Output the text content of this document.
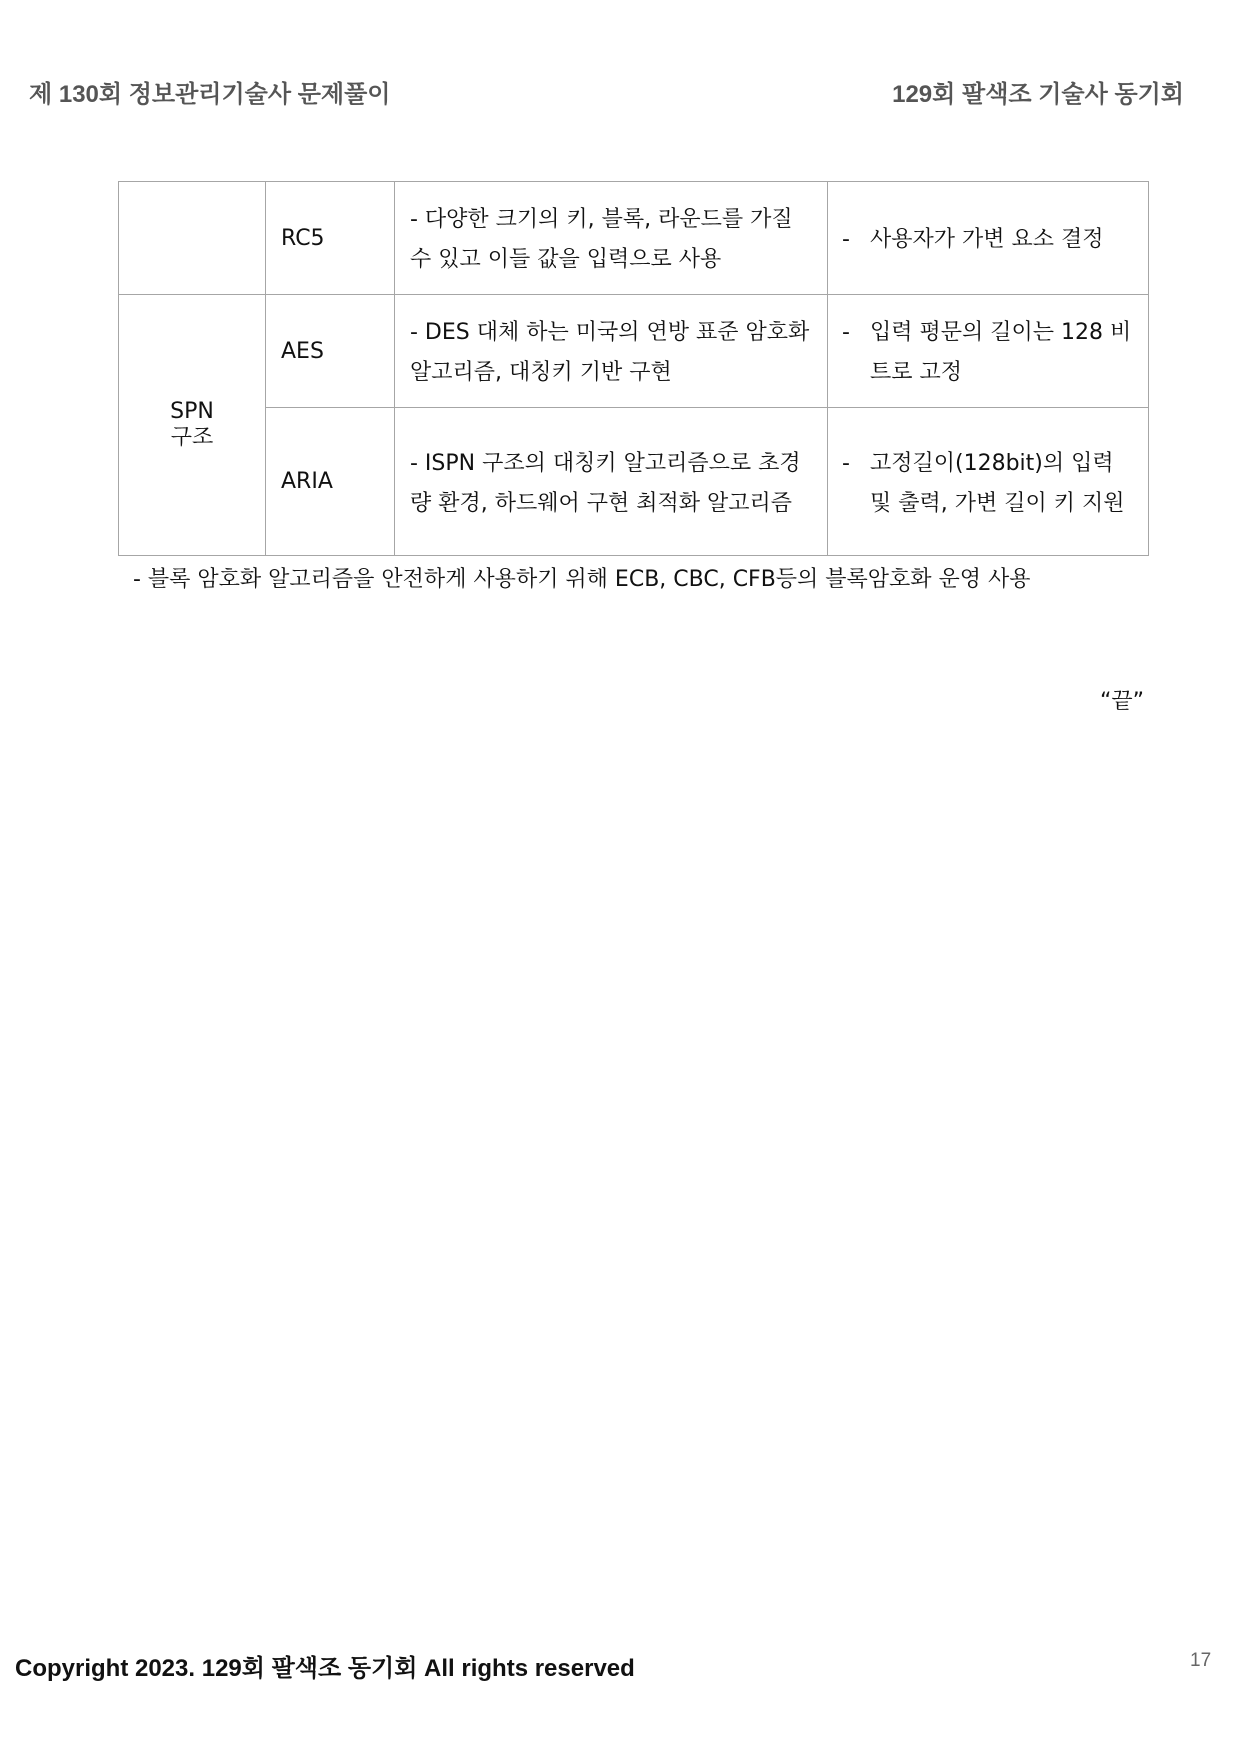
제 130회 정보관리기술사 문제풀이	129회 팔색조 기술사 동기회
	RC5	- 다양한 크기의 키, 블록, 라운드를 가질 수 있고 이들 값을 입력으로 사용	- 사용자가 가변 요소 결정

SPN 구조	AES	- DES 대체 하는 미국의 연방 표준 암호화 알고리즘, 대칭키 기반 구현	- 입력 평문의 길이는 128 비트로 고정

	ARIA	- ISPN 구조의 대칭키 알고리즘으로 초경량 환경, 하드웨어 구현 최적화 알고리즘	- 고정길이(128bit)의 입력 및 출력, 가변 길이 키 지원
- 블록 암호화 알고리즘을 안전하게 사용하기 위해 ECB, CBC, CFB등의 블록암호화 운영 사용
“끝”
Copyright 2023. 129회 팔색조 동기회 All rights reserved	17
